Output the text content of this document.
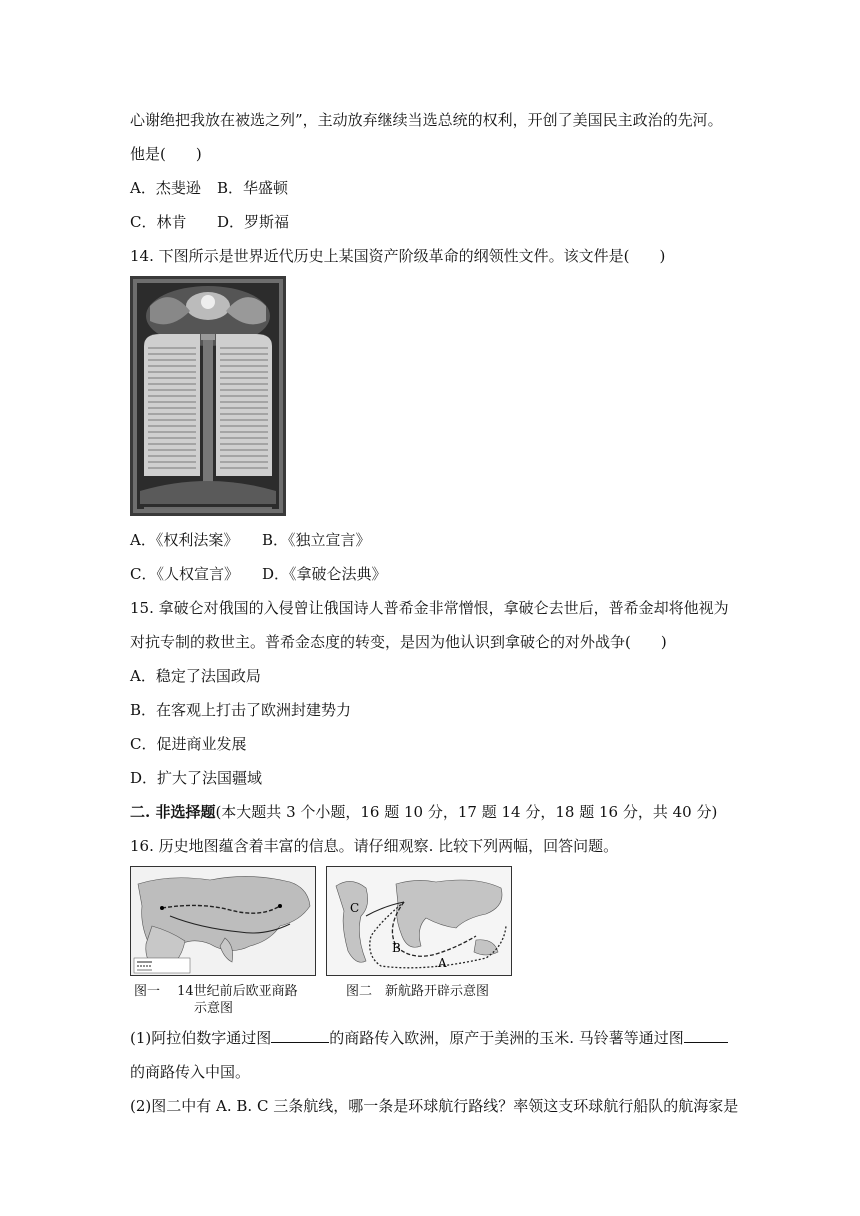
心谢绝把我放在被选之列”，主动放弃继续当选总统的权利，开创了美国民主政治的先河。
他是(　　)
A．杰斐逊 B．华盛顿
C．林肯 D．罗斯福
14. 下图所示是世界近代历史上某国资产阶级革命的纲领性文件。该文件是(　　)
A．《权利法案》 B．《独立宣言》
C．《人权宣言》 D．《拿破仑法典》
15. 拿破仑对俄国的入侵曾让俄国诗人普希金非常憎恨，拿破仑去世后，普希金却将他视为
对抗专制的救世主。普希金态度的转变，是因为他认识到拿破仑的对外战争(　　)
A．稳定了法国政局
B．在客观上打击了欧洲封建势力
C．促进商业发展
D．扩大了法国疆域
二. 非选择题(本大题共 3 个小题，16 题 10 分，17 题 14 分，18 题 16 分，共 40 分)
16. 历史地图蕴含着丰富的信息。请仔细观察. 比较下列两幅，回答问题。
A
B
C
图一　 14世纪前后欧亚商路
示意图
图二　新航路开辟示意图
(1)阿拉伯数字通过图	的商路传入欧洲，原产于美洲的玉米. 马铃薯等通过图
的商路传入中国。
(2)图二中有 A. B. C 三条航线，哪一条是环球航行路线？率领这支环球航行船队的航海家是
